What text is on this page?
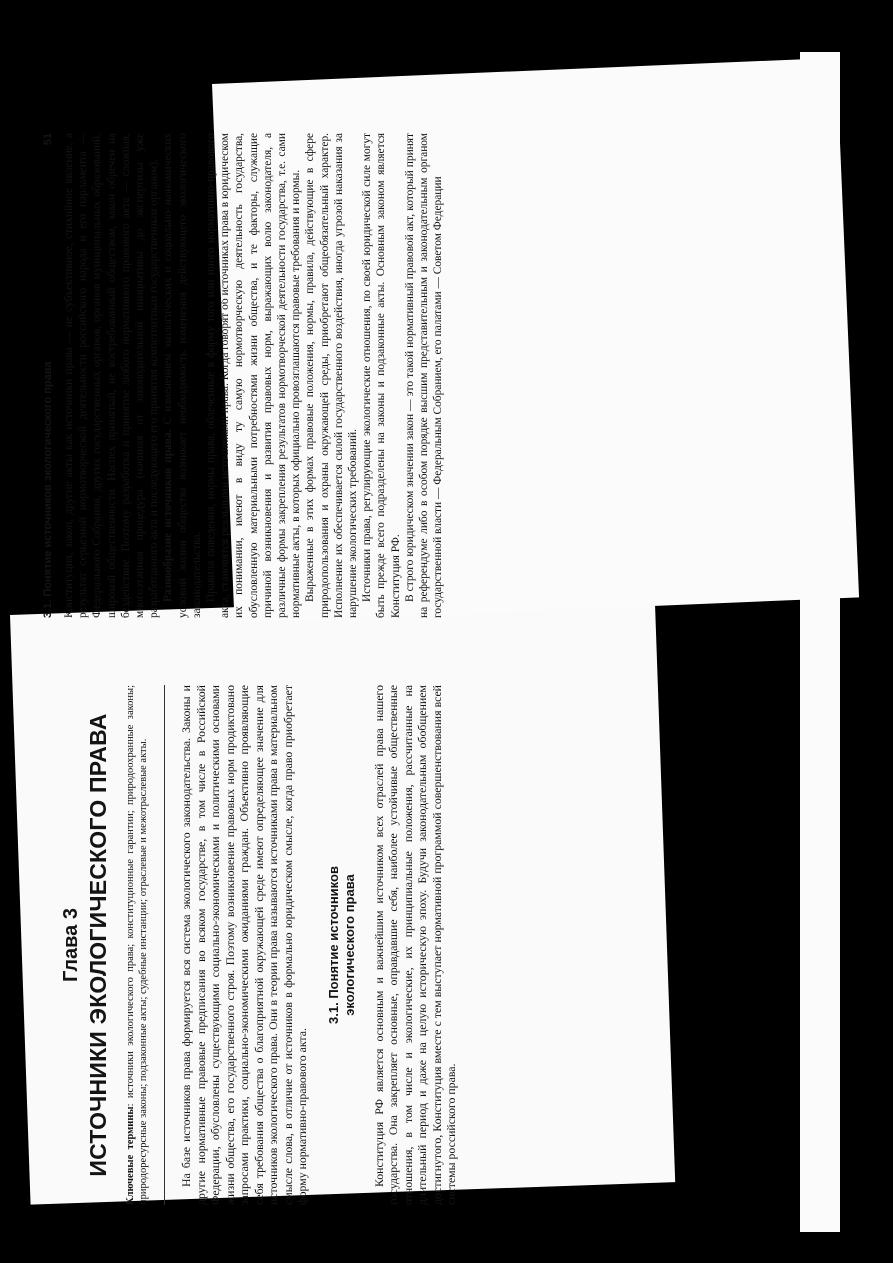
Глава 3 ИСТОЧНИКИ ЭКОЛОГИЧЕСКОГО ПРАВА Ключевые термины: источники экологического права; конституционные гарантии; природоохранные законы; природоресурсные законы; подзаконные акты; судебные инстанции; отраслевые и межотраслевые акты.	На базе источников права формируется вся система экологического законодательства. Законы и другие нормативные правовые предписания во всяком государстве, в том числе в Российской Федерации, обусловлены существующими социально-экономическими и политическими основами жизни общества, его государственного строя. Поэтому возникновение правовых норм продиктовано запросами практики, социально-экономическими ожиданиями граждан. Объективно проявляющие себя требования общества о благоприятной окружающей среде имеют определяющее значение для источников экологического права. Они в теории права называются источниками права в материальном смысле слова, в отличие от источников в формально юридическом смысле, когда право приобретает форму нормативно-правового акта.

3.1. Понятие источников экологического права Конституция РФ является основным и важнейшим источником всех отраслей права нашего государства. Она закрепляет основные, оправдавшие себя, наиболее устойчивые общественные отношения, в том числе и экологические, их принципиальные положения, рассчитанные на длительный период и даже на целую историческую эпоху. Будучи законодательным обобщением достигнутого, Конституция вместе с тем выступает нормативной программой совершенствования всей системы российского права.

3.1. Понятие источников экологического права
51 Конституция, закон, другие акты как источники права — не субъективное, стихийное явление, а результат серьезной нормотворческой деятельности российского народа и его парламента — Федерального Собрания, других государственных органов, органов муниципальных образований, широкой общественности. Наспех принятый, не востребованный обществом, закон обречен на бездействие. Поэтому разработка и принятие любого нормативного правового акта — сложная, многоэтапная процедура (начиная от законодательной инициативы до экспертизы уже разработанного акта и последующего его принятия компетентным государственным органом). Разнообразие источников права. С изменением экологических и социально-экономических условий жизни общества возникает необходимость изменения действующего экологического законодательства. Правила поведения, нормы права, облеченные в форму того или иного нормативно-правового акта, становятся реальными источниками права. Когда говорят об источниках права в юридическом их понимании, имеют в виду ту самую нормотворческую деятельность государства, обусловленную материальными потребностями жизни общества, и те факторы, служащие причиной возникновения и развития правовых норм, выражающих волю законодателя, а различные формы закрепления результатов нормотворческой деятельности государства, т.е. сами нормативные акты, в которых официально провозглашаются правовые требования и нормы. Выраженные в этих формах правовые положения, нормы, правила, действующие в сфере природопользования и охраны окружающей среды, приобретают общеобязательный характер. Исполнение их обеспечивается силой государственного воздействия, иногда угрозой наказания за нарушение экологических требований. Источники права, регулирующие экологические отношения, по своей юридической силе могут быть прежде всего подразделены на законы и подзаконные акты. Основным законом является Конституция РФ. В строго юридическом значении закон — это такой нормативный правовой акт, который принят на референдуме либо в особом порядке высшим представительным и законодательным органом государственной власти — Федеральным Собранием, его палатами — Советом Федерации
